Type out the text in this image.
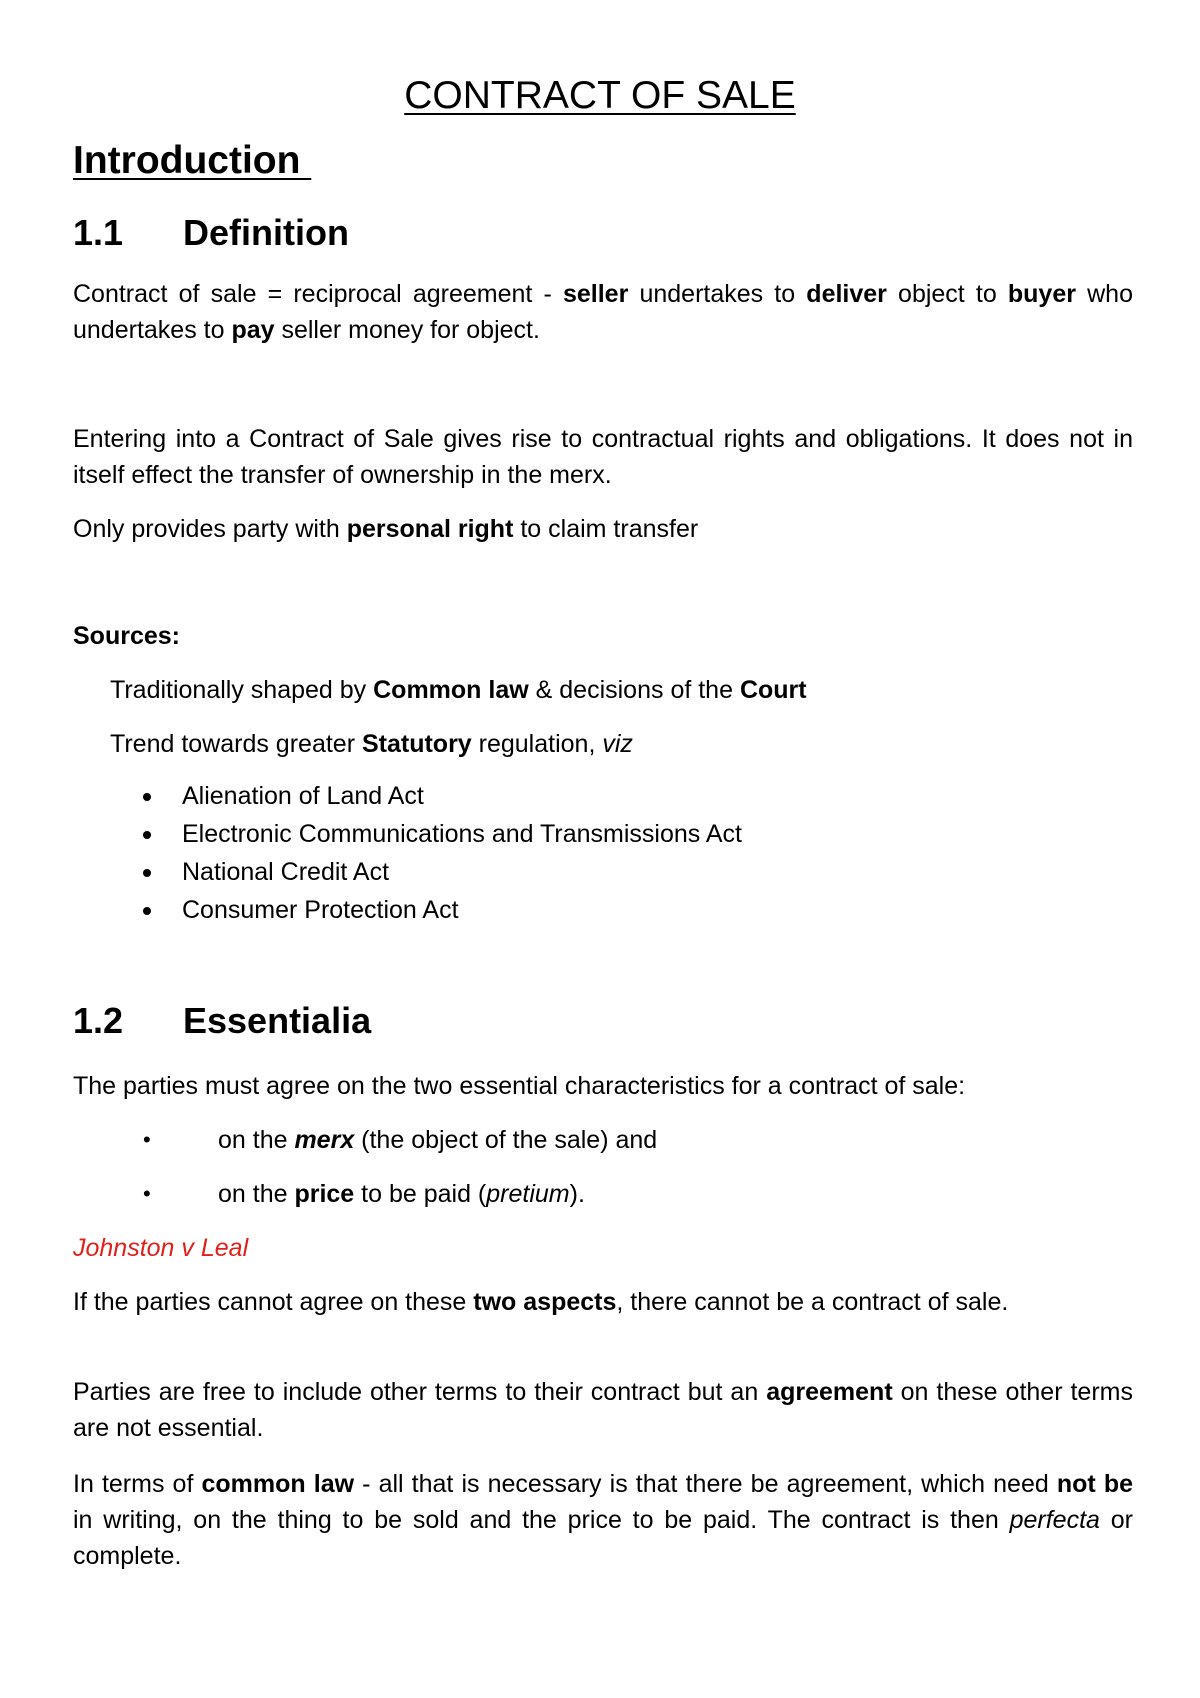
CONTRACT OF SALE
Introduction
1.1 Definition
Contract of sale = reciprocal agreement - seller undertakes to deliver object to buyer who undertakes to pay seller money for object.
Entering into a Contract of Sale gives rise to contractual rights and obligations. It does not in itself effect the transfer of ownership in the merx.
Only provides party with personal right to claim transfer
Sources:
Traditionally shaped by Common law & decisions of the Court
Trend towards greater Statutory regulation, viz
Alienation of Land Act
Electronic Communications and Transmissions Act
National Credit Act
Consumer Protection Act
1.2 Essentialia
The parties must agree on the two essential characteristics for a contract of sale:
•	on the merx (the object of the sale) and
•	on the price to be paid (pretium).
Johnston v Leal
If the parties cannot agree on these two aspects, there cannot be a contract of sale.
Parties are free to include other terms to their contract but an agreement on these other terms are not essential.
In terms of common law - all that is necessary is that there be agreement, which need not be in writing, on the thing to be sold and the price to be paid. The contract is then perfecta or complete.
